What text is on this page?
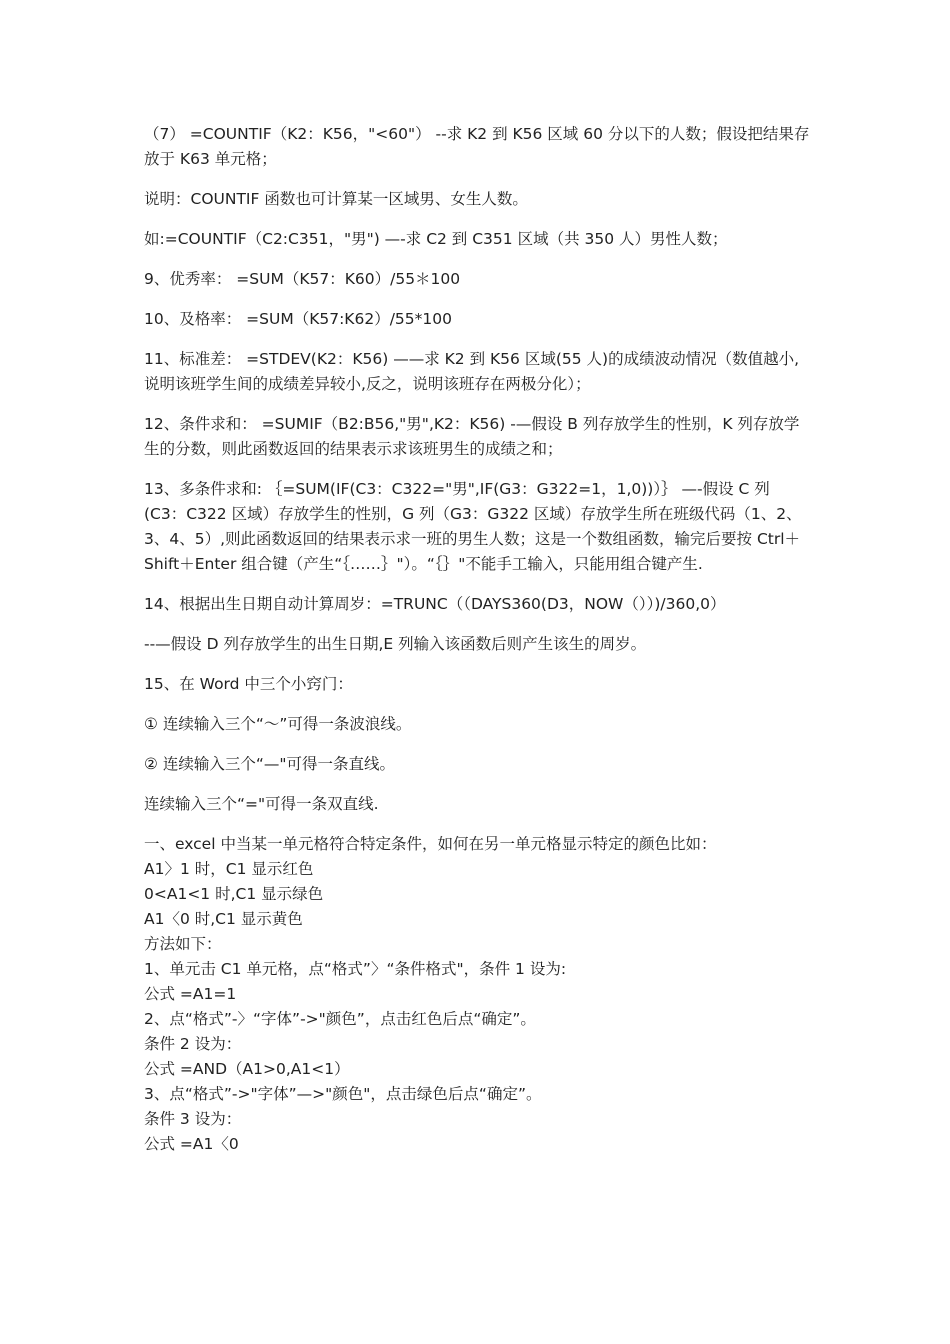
（7） =COUNTIF（K2：K56，"<60"） --求 K2 到 K56 区域 60 分以下的人数；假设把结果存放于 K63 单元格；

说明：COUNTIF 函数也可计算某一区域男、女生人数。

如:=COUNTIF（C2:C351，"男") —-求 C2 到 C351 区域（共 350 人）男性人数；

9、优秀率： =SUM（K57：K60）/55＊100

10、及格率： =SUM（K57:K62）/55*100

11、标准差： =STDEV(K2：K56) ——求 K2 到 K56 区域(55 人)的成绩波动情况（数值越小,说明该班学生间的成绩差异较小,反之，说明该班存在两极分化）；

12、条件求和： =SUMIF（B2:B56,"男",K2：K56) -—假设 B 列存放学生的性别，K 列存放学生的分数，则此函数返回的结果表示求该班男生的成绩之和；

13、多条件求和: ｛=SUM(IF(C3：C322="男",IF(G3：G322=1，1,0))）｝ —-假设 C 列(C3：C322 区域）存放学生的性别，G 列（G3：G322 区域）存放学生所在班级代码（1、2、3、4、5）,则此函数返回的结果表示求一班的男生人数；这是一个数组函数，输完后要按 Ctrl＋Shift＋Enter 组合键（产生“｛……｝"）。“｛｝"不能手工输入，只能用组合键产生.

14、根据出生日期自动计算周岁：=TRUNC（（DAYS360(D3，NOW（））)/360,0）

--—假设 D 列存放学生的出生日期,E 列输入该函数后则产生该生的周岁。

15、在 Word 中三个小窍门：

① 连续输入三个“～”可得一条波浪线。

② 连续输入三个“—"可得一条直线。

连续输入三个“="可得一条双直线.

一、excel 中当某一单元格符合特定条件，如何在另一单元格显示特定的颜色比如：
A1〉1 时，C1 显示红色
0<A1<1 时,C1 显示绿色
A1〈0 时,C1 显示黄色
方法如下：
1、单元击 C1 单元格，点“格式”〉“条件格式"，条件 1 设为:
公式 =A1=1
2、点“格式”-〉“字体”->"颜色”，点击红色后点“确定”。
条件 2 设为：
公式 =AND（A1>0,A1<1）
3、点“格式”->"字体”—>"颜色"，点击绿色后点“确定”。
条件 3 设为：
公式 =A1〈0
